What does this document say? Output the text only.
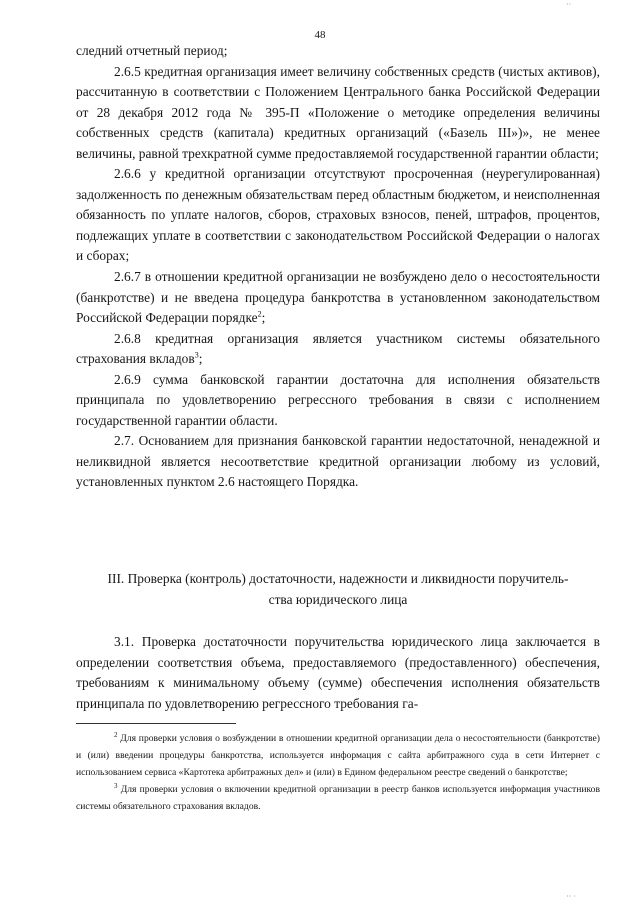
··
48

следний отчетный период;

2.6.5 кредитная организация имеет величину собственных средств (чистых активов), рассчитанную в соответствии с Положением Центрального банка Российской Федерации от 28 декабря 2012 года № 395-П «Положение о методике определения величины собственных средств (капитала) кредитных организаций («Базель III»)», не менее величины, равной трехкратной сумме предоставляемой государственной гарантии области;

2.6.6 у кредитной организации отсутствуют просроченная (неурегулированная) задолженность по денежным обязательствам перед областным бюджетом, и неисполненная обязанность по уплате налогов, сборов, страховых взносов, пеней, штрафов, процентов, подлежащих уплате в соответствии с законодательством Российской Федерации о налогах и сборах;

2.6.7 в отношении кредитной организации не возбуждено дело о несостоятельности (банкротстве) и не введена процедура банкротства в установленном законодательством Российской Федерации порядке$^2$;

2.6.8 кредитная организация является участником системы обязательного страхования вкладов$^3$;

2.6.9 сумма банковской гарантии достаточна для исполнения обязательств принципала по удовлетворению регрессного требования в связи с исполнением государственной гарантии области.

2.7. Основанием для признания банковской гарантии недостаточной, ненадежной и неликвидной является несоответствие кредитной организации любому из условий, установленных пунктом 2.6 настоящего Порядка.

III. Проверка (контроль) достаточности, надежности и ликвидности поручитель-
ства юридического лица

3.1. Проверка достаточности поручительства юридического лица заключается в определении соответствия объема, предоставляемого (предоставленного) обеспечения, требованиям к минимальному объему (сумме) обеспечения исполнения обязательств принципала по удовлетворению регрессного требования га-

$^2$ Для проверки условия о возбуждении в отношении кредитной организации дела о несостоятельности (банкротстве) и (или) введении процедуры банкротства, используется информация с сайта арбитражного суда в сети Интернет с использованием сервиса «Картотека арбитражных дел» и (или) в Едином федеральном реестре сведений о банкротстве;

$^3$ Для проверки условия о включении кредитной организации в реестр банков используется информация участников системы обязательного страхования вкладов.

·· ·
